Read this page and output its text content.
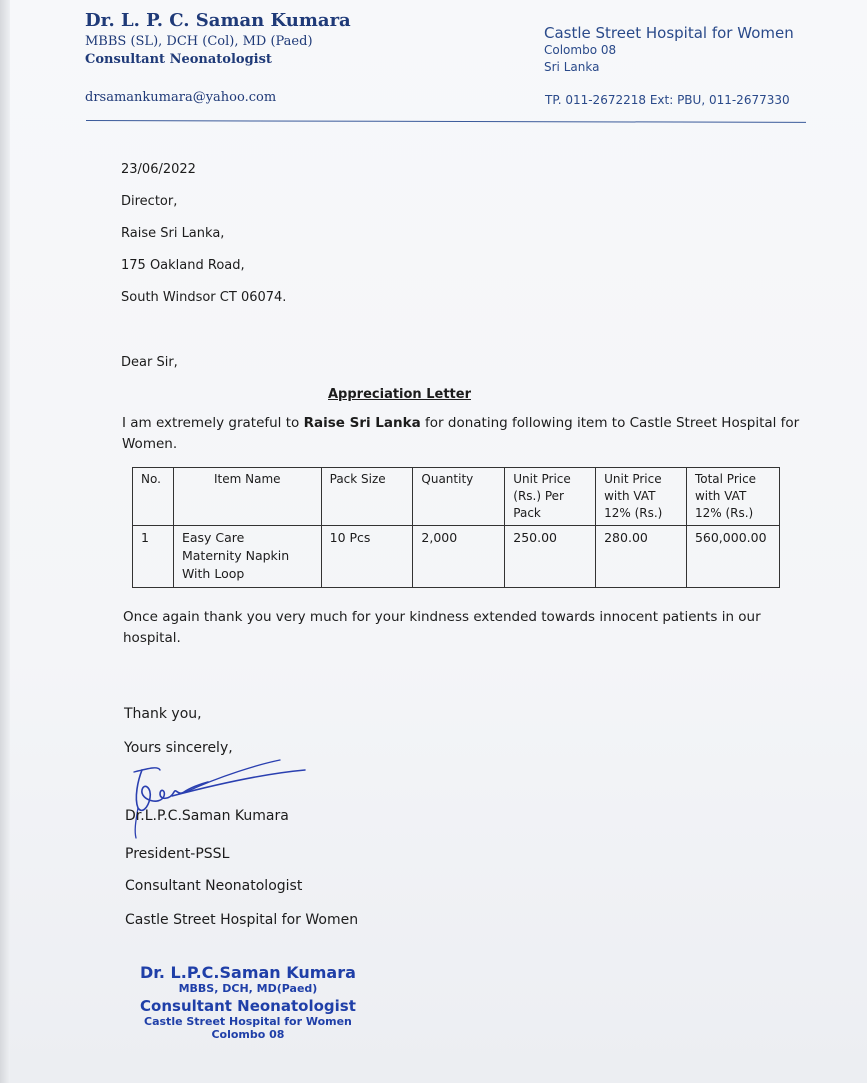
Dr. L. P. C. Saman Kumara
MBBS (SL), DCH (Col), MD (Paed)
Consultant Neonatologist
drsamankumara@yahoo.com
Castle Street Hospital for Women
Colombo 08
Sri Lanka
TP. 011-2672218 Ext: PBU, 011-2677330
23/06/2022
Director,
Raise Sri Lanka,
175 Oakland Road,
South Windsor CT 06074.
Dear Sir,
Appreciation Letter
I am extremely grateful to Raise Sri Lanka for donating following item to Castle Street Hospital for
Women.
No.	Item Name	Pack Size	Quantity	Unit Price
(Rs.) Per
Pack	Unit Price
with VAT
12% (Rs.)	Total Price
with VAT
12% (Rs.)
1	Easy Care
Maternity Napkin
With Loop	10 Pcs	2,000	250.00	280.00	560,000.00
Once again thank you very much for your kindness extended towards innocent patients in our
hospital.
Thank you,
Yours sincerely,
Dr.L.P.C.Saman Kumara
President-PSSL
Consultant Neonatologist
Castle Street Hospital for Women
Dr. L.P.C.Saman Kumara
MBBS, DCH, MD(Paed)
Consultant Neonatologist
Castle Street Hospital for Women
Colombo 08
